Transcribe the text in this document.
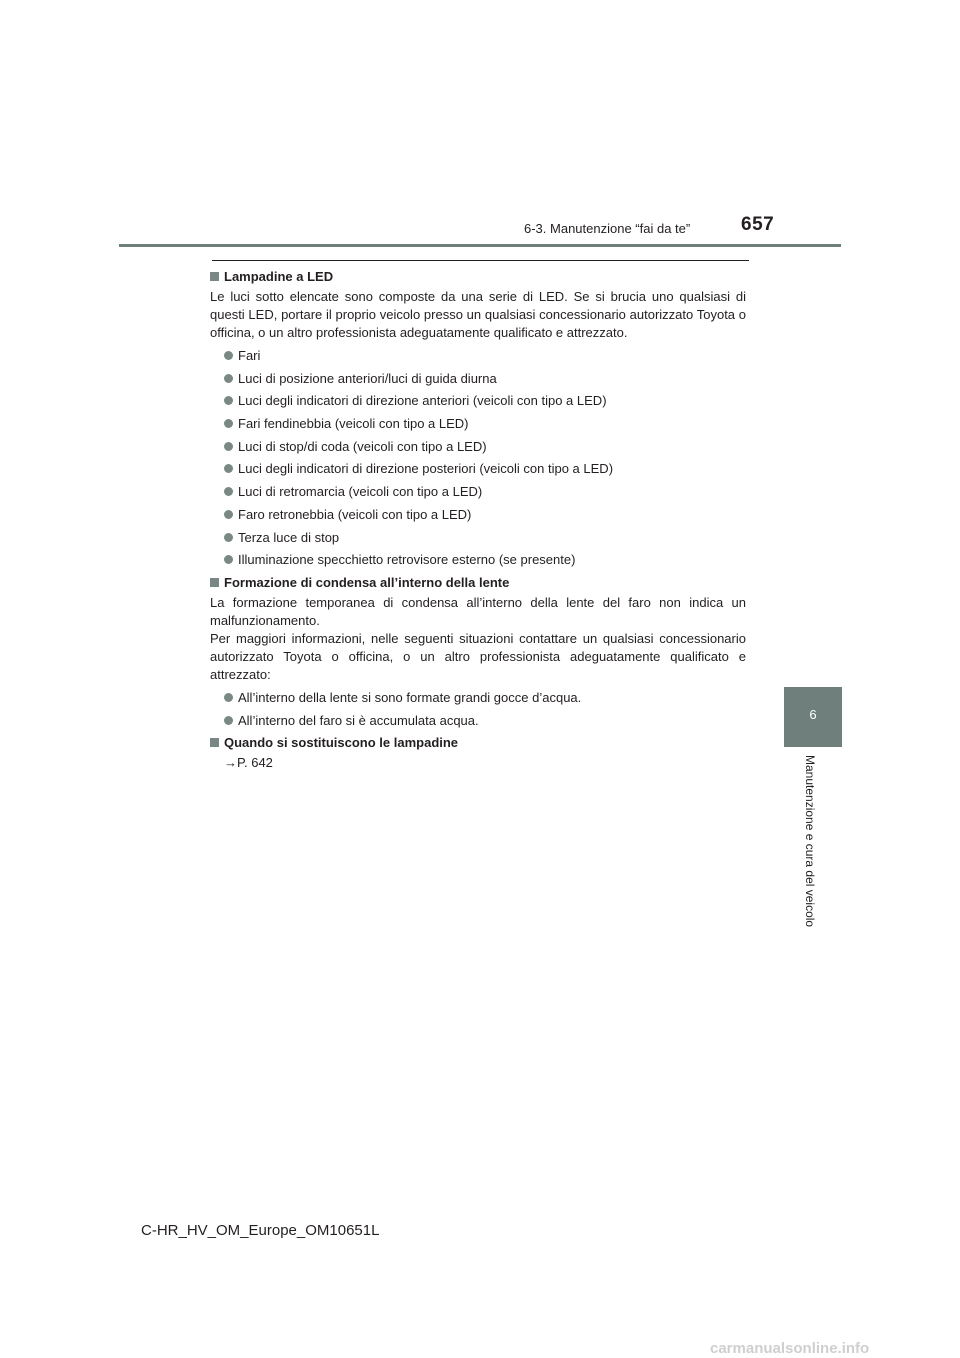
6-3. Manutenzione “fai da te”	657
Lampadine a LED

Le luci sotto elencate sono composte da una serie di LED. Se si brucia uno qualsiasi di questi LED, portare il proprio veicolo presso un qualsiasi concessionario autorizzato Toyota o officina, o un altro professionista adeguatamente qualificato e attrezzato.

Fari
Luci di posizione anteriori/luci di guida diurna
Luci degli indicatori di direzione anteriori (veicoli con tipo a LED)
Fari fendinebbia (veicoli con tipo a LED)
Luci di stop/di coda (veicoli con tipo a LED)
Luci degli indicatori di direzione posteriori (veicoli con tipo a LED)
Luci di retromarcia (veicoli con tipo a LED)
Faro retronebbia (veicoli con tipo a LED)
Terza luce di stop
Illuminazione specchietto retrovisore esterno (se presente)
Formazione di condensa all’interno della lente

La formazione temporanea di condensa all’interno della lente del faro non indica un malfunzionamento.

Per maggiori informazioni, nelle seguenti situazioni contattare un qualsiasi concessionario autorizzato Toyota o officina, o un altro professionista adeguatamente qualificato e attrezzato:

All’interno della lente si sono formate grandi gocce d’acqua.
All’interno del faro si è accumulata acqua.
Quando si sostituiscono le lampadine
→P. 642
6
Manutenzione e cura del veicolo
C-HR_HV_OM_Europe_OM10651L
carmanualsonline.info
